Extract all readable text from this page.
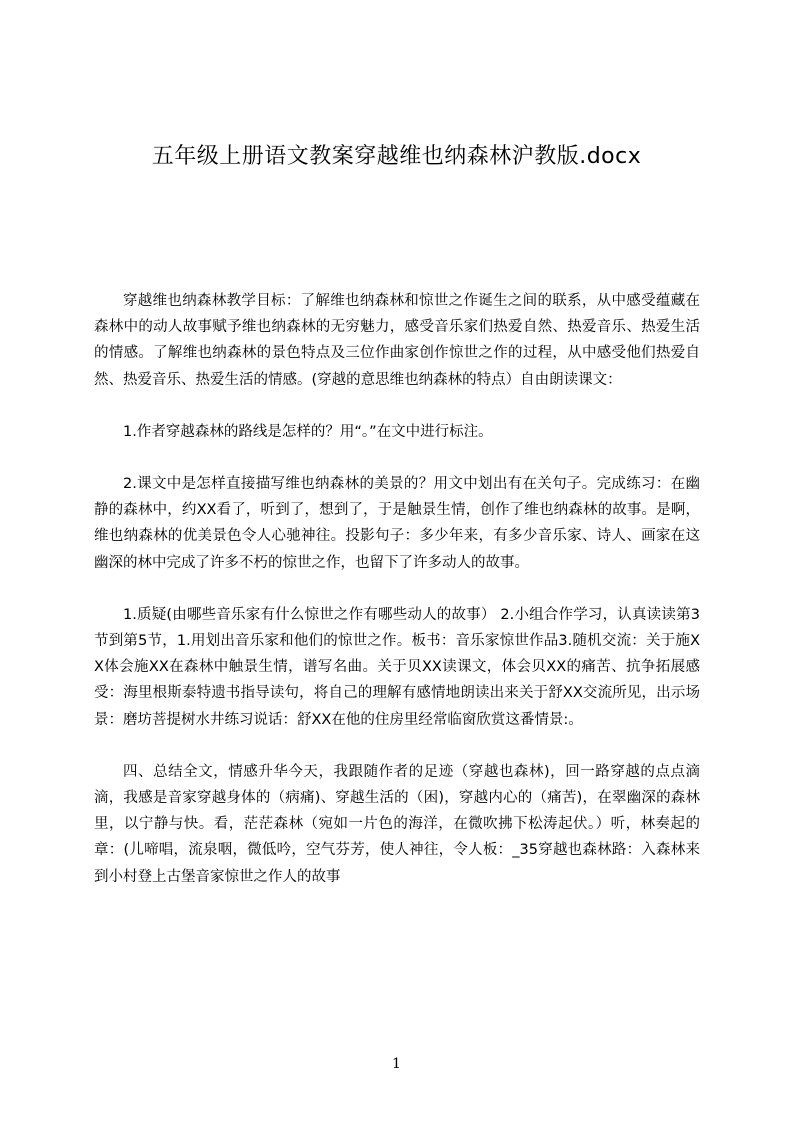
五年级上册语文教案穿越维也纳森林沪教版.docx

穿越维也纳森林教学目标：了解维也纳森林和惊世之作诞生之间的联系，从中感受蕴藏在森林中的动人故事赋予维也纳森林的无穷魅力，感受音乐家们热爱自然、热爱音乐、热爱生活的情感。了解维也纳森林的景色特点及三位作曲家创作惊世之作的过程，从中感受他们热爱自然、热爱音乐、热爱生活的情感。(穿越的意思维也纳森林的特点）自由朗读课文：

1.作者穿越森林的路线是怎样的？用“。”在文中进行标注。

2.课文中是怎样直接描写维也纳森林的美景的？用文中划出有在关句子。完成练习：在幽静的森林中，约XX看了，听到了，想到了，于是触景生情，创作了维也纳森林的故事。是啊，维也纳森林的优美景色令人心驰神往。投影句子：多少年来，有多少音乐家、诗人、画家在这幽深的林中完成了许多不朽的惊世之作，也留下了许多动人的故事。

1.质疑(由哪些音乐家有什么惊世之作有哪些动人的故事） 2.小组合作学习，认真读读第3节到第5节，1.用划出音乐家和他们的惊世之作。板书：音乐家惊世作品3.随机交流：关于施XX体会施XX在森林中触景生情，谱写名曲。关于贝XX读课文，体会贝XX的痛苦、抗争拓展感受：海里根斯泰特遗书指导读句，将自己的理解有感情地朗读出来关于舒XX交流所见，出示场景：磨坊菩提树水井练习说话：舒XX在他的住房里经常临窗欣赏这番情景:。

四、总结全文，情感升华今天，我跟随作者的足迹（穿越也森林)，回一路穿越的点点滴滴，我感是音家穿越身体的（病痛)、穿越生活的（困)，穿越内心的（痛苦)，在翠幽深的森林里，以宁静与快。看，茫茫森林（宛如一片色的海洋，在微吹拂下松涛起伏。）听，林奏起的章：(儿啼唱，流泉咽，微低吟，空气芬芳，使人神往，令人板：_35穿越也森林路：入森林来到小村登上古堡音家惊世之作人的故事

1
